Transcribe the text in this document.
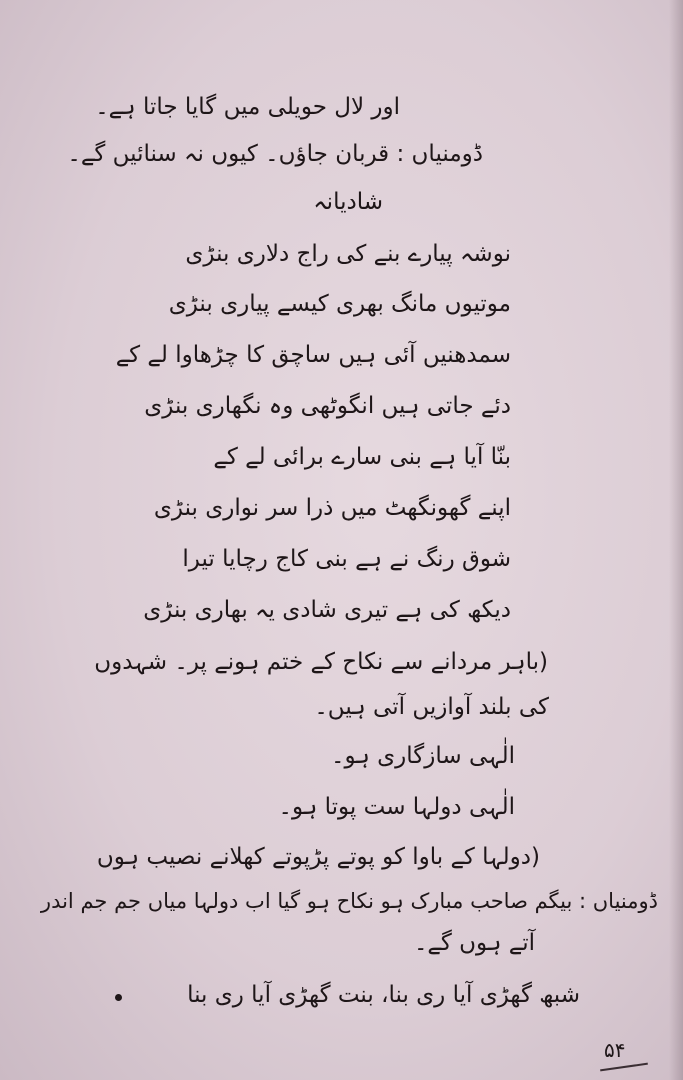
اور لال حویلی میں گایا جاتا ہے۔
ڈومنیاں : قربان جاؤں۔ کیوں نہ سنائیں گے۔
شادیانہ
نوشہ پیارے بنے کی راج دلاری بنڑی
موتیوں مانگ بھری کیسے پیاری بنڑی
سمدھنیں آئی ہیں ساچق کا چڑھاوا لے کے
دئے جاتی ہیں انگوٹھی وہ نگھاری بنڑی
بنّا آیا ہے بنی سارے برائی لے کے
اپنے گھونگھٹ میں ذرا سر نواری بنڑی
شوق رنگ نے ہے بنی کاج رچایا تیرا
دیکھ کی ہے تیری شادی یہ بھاری بنڑی
(باہر مردانے سے نکاح کے ختم ہونے پر۔ شہدوں
کی بلند آوازیں آتی ہیں۔
الٰہی سازگاری ہو۔
الٰہی دولہا ست پوتا ہو۔
(دولہا کے باوا کو پوتے پڑپوتے کھلانے نصیب ہوں
ڈومنیاں : بیگم صاحب مبارک ہو نکاح ہو گیا اب دولہا میاں جم جم اندر
آتے ہوں گے۔
شبھ گھڑی آیا ری بنا، بنت گھڑی آیا ری بنا
۵۴
